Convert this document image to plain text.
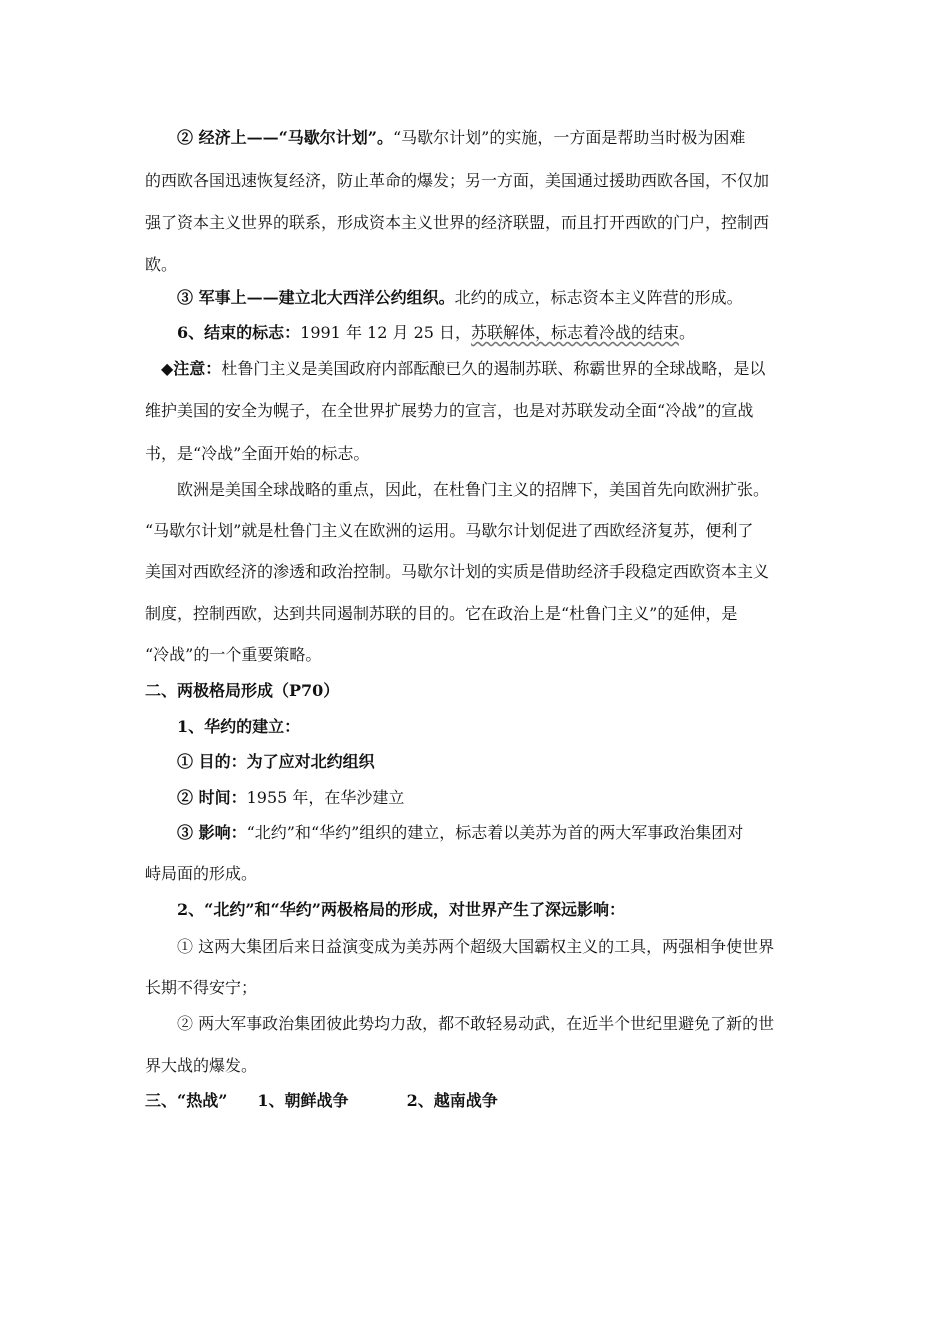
② 经济上——“马歇尔计划”。“马歇尔计划”的实施，一方面是帮助当时极为困难
的西欧各国迅速恢复经济，防止革命的爆发；另一方面，美国通过援助西欧各国，不仅加
强了资本主义世界的联系，形成资本主义世界的经济联盟，而且打开西欧的门户，控制西
欧。
③ 军事上——建立北大西洋公约组织。北约的成立，标志资本主义阵营的形成。
6、结束的标志：1991 年 12 月 25 日，苏联解体，标志着冷战的结束。
◆注意：杜鲁门主义是美国政府内部酝酿已久的遏制苏联、称霸世界的全球战略，是以
维护美国的安全为幌子，在全世界扩展势力的宣言，也是对苏联发动全面“冷战”的宣战
书，是“冷战”全面开始的标志。
欧洲是美国全球战略的重点，因此，在杜鲁门主义的招牌下，美国首先向欧洲扩张。
“马歇尔计划”就是杜鲁门主义在欧洲的运用。马歇尔计划促进了西欧经济复苏，便利了
美国对西欧经济的渗透和政治控制。马歇尔计划的实质是借助经济手段稳定西欧资本主义
制度，控制西欧，达到共同遏制苏联的目的。它在政治上是“杜鲁门主义”的延伸，是
“冷战”的一个重要策略。
二、两极格局形成（P70）
1、华约的建立：
① 目的：为了应对北约组织
② 时间：1955 年，在华沙建立
③ 影响：“北约”和“华约”组织的建立，标志着以美苏为首的两大军事政治集团对
峙局面的形成。
2、“北约”和“华约”两极格局的形成，对世界产生了深远影响：
① 这两大集团后来日益演变成为美苏两个超级大国霸权主义的工具，两强相争使世界
长期不得安宁；
② 两大军事政治集团彼此势均力敌，都不敢轻易动武，在近半个世纪里避免了新的世
界大战的爆发。
三、“热战” 1、朝鲜战争	2、越南战争
